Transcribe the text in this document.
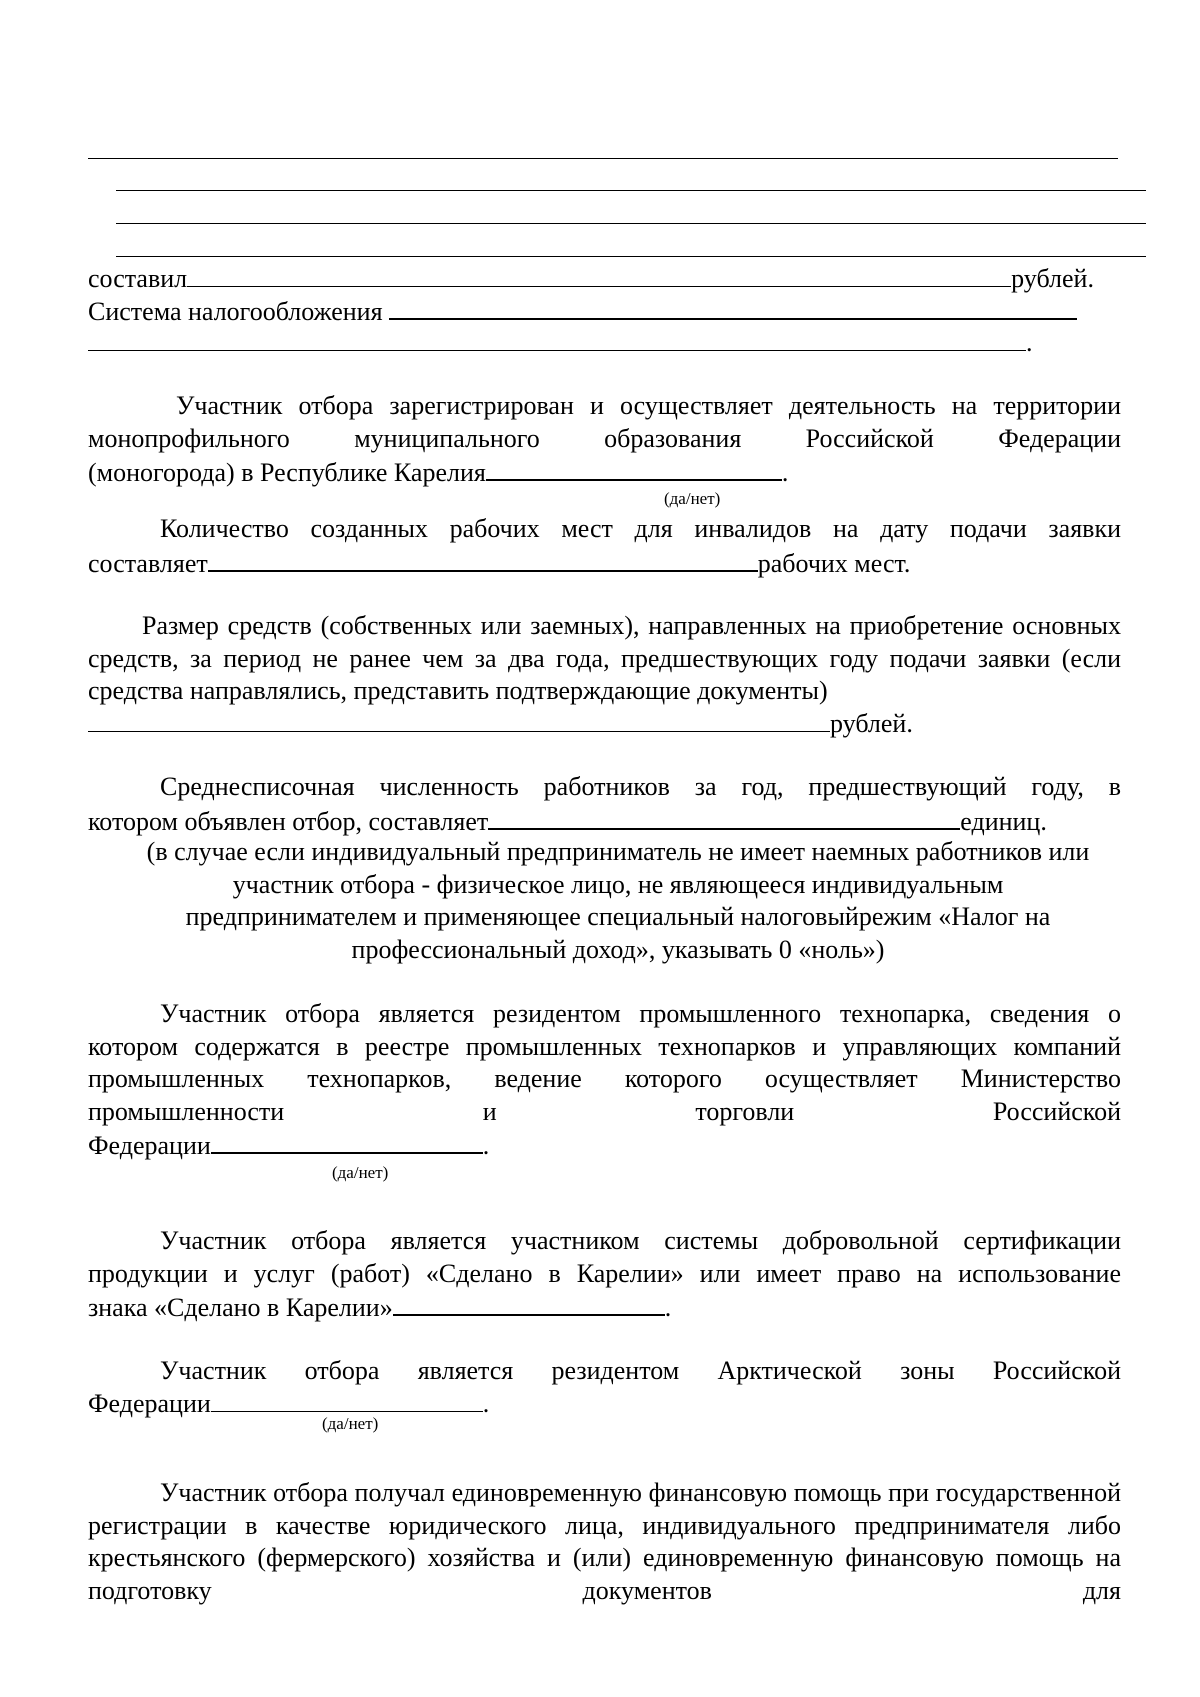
составил	рублей.
Система налогообложения
.

Участник отбора зарегистрирован и осуществляет деятельность на территории

монопрофильного муниципального образования Российской Федерации

(моногорода) в Республике Карелия	.

(да/нет)

Количество созданных рабочих мест для инвалидов на дату подачи заявки

составляет	рабочих мест.

Размер средств (собственных или заемных), направленных на приобретение основных средств, за период не ранее чем за два года, предшествующих году подачи заявки (если средства направлялись, представить подтверждающие документы)

рублей.

Среднесписочная численность работников за год, предшествующий году, в

котором объявлен отбор, составляет	единиц.

(в случае если индивидуальный предприниматель не имеет наемных работников или участник отбора - физическое лицо, не являющееся индивидуальным предпринимателем и применяющее специальный налоговыйрежим «Налог на профессиональный доход», указывать 0 «ноль»)

Участник отбора является резидентом промышленного технопарка, сведения о котором содержатся в реестре промышленных технопарков и управляющих компаний промышленных технопарков, ведение которого осуществляет Министерство промышленности и торговли Российской

Федерации	.

(да/нет)

Участник отбора является участником системы добровольной сертификации продукции и услуг (работ) «Сделано в Карелии» или имеет право на использование

знака «Сделано в Карелии»	.

Участник отбора является резидентом Арктической зоны Российской

Федерации	.

(да/нет)

Участник отбора получал единовременную финансовую помощь при государственной регистрации в качестве юридического лица, индивидуального предпринимателя либо крестьянского (фермерского) хозяйства и (или) единовременную финансовую помощь на подготовку документов для
